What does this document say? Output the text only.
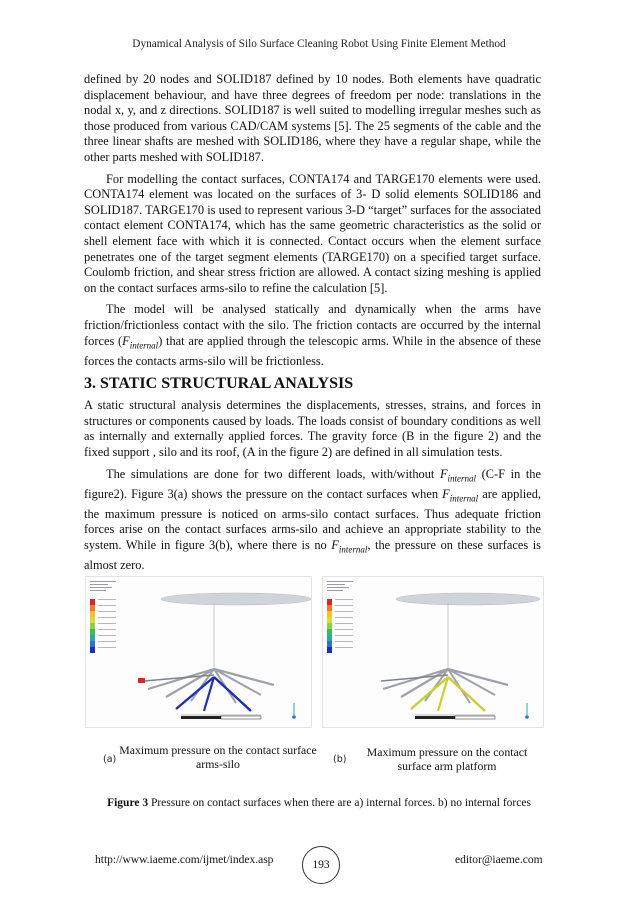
Dynamical Analysis of Silo Surface Cleaning Robot Using Finite Element Method

defined by 20 nodes and SOLID187 defined by 10 nodes. Both elements have quadratic displacement behaviour, and have three degrees of freedom per node: translations in the nodal x, y, and z directions. SOLID187 is well suited to modelling irregular meshes such as those produced from various CAD/CAM systems [5]. The 25 segments of the cable and the three linear shafts are meshed with SOLID186, where they have a regular shape, while the other parts meshed with SOLID187.

For modelling the contact surfaces, CONTA174 and TARGE170 elements were used. CONTA174 element was located on the surfaces of 3- D solid elements SOLID186 and SOLID187. TARGE170 is used to represent various 3-D “target” surfaces for the associated contact element CONTA174, which has the same geometric characteristics as the solid or shell element face with which it is connected. Contact occurs when the element surface penetrates one of the target segment elements (TARGE170) on a specified target surface. Coulomb friction, and shear stress friction are allowed. A contact sizing meshing is applied on the contact surfaces arms-silo to refine the calculation [5].

The model will be analysed statically and dynamically when the arms have friction/frictionless contact with the silo. The friction contacts are occurred by the internal forces $(F_{internal})$ that are applied through the telescopic arms. While in the absence of these forces the contacts arms-silo will be frictionless.

3. STATIC STRUCTURAL ANALYSIS

A static structural analysis determines the displacements, stresses, strains, and forces in structures or components caused by loads. The loads consist of boundary conditions as well as internally and externally applied forces. The gravity force (B in the figure 2) and the fixed support , silo and its roof, (A in the figure 2) are defined in all simulation tests.

The simulations are done for two different loads, with/without $F_{internal}$ (C-F in the figure2). Figure 3(a) shows the pressure on the contact surfaces when $F_{internal}$ are applied, the maximum pressure is noticed on arms-silo contact surfaces. Thus adequate friction forces arise on the contact surfaces arms-silo and achieve an appropriate stability to the system. While in figure 3(b), where there is no $F_{internal}$, the pressure on these surfaces is almost zero.

(a)
Maximum pressure on the contact surface arms-silo	(b)
Maximum pressure on the contact surface arm platform
Figure 3 Pressure on contact surfaces when there are a) internal forces. b) no internal forces
http://www.iaeme.com/ijmet/index.asp	193	editor@iaeme.com
